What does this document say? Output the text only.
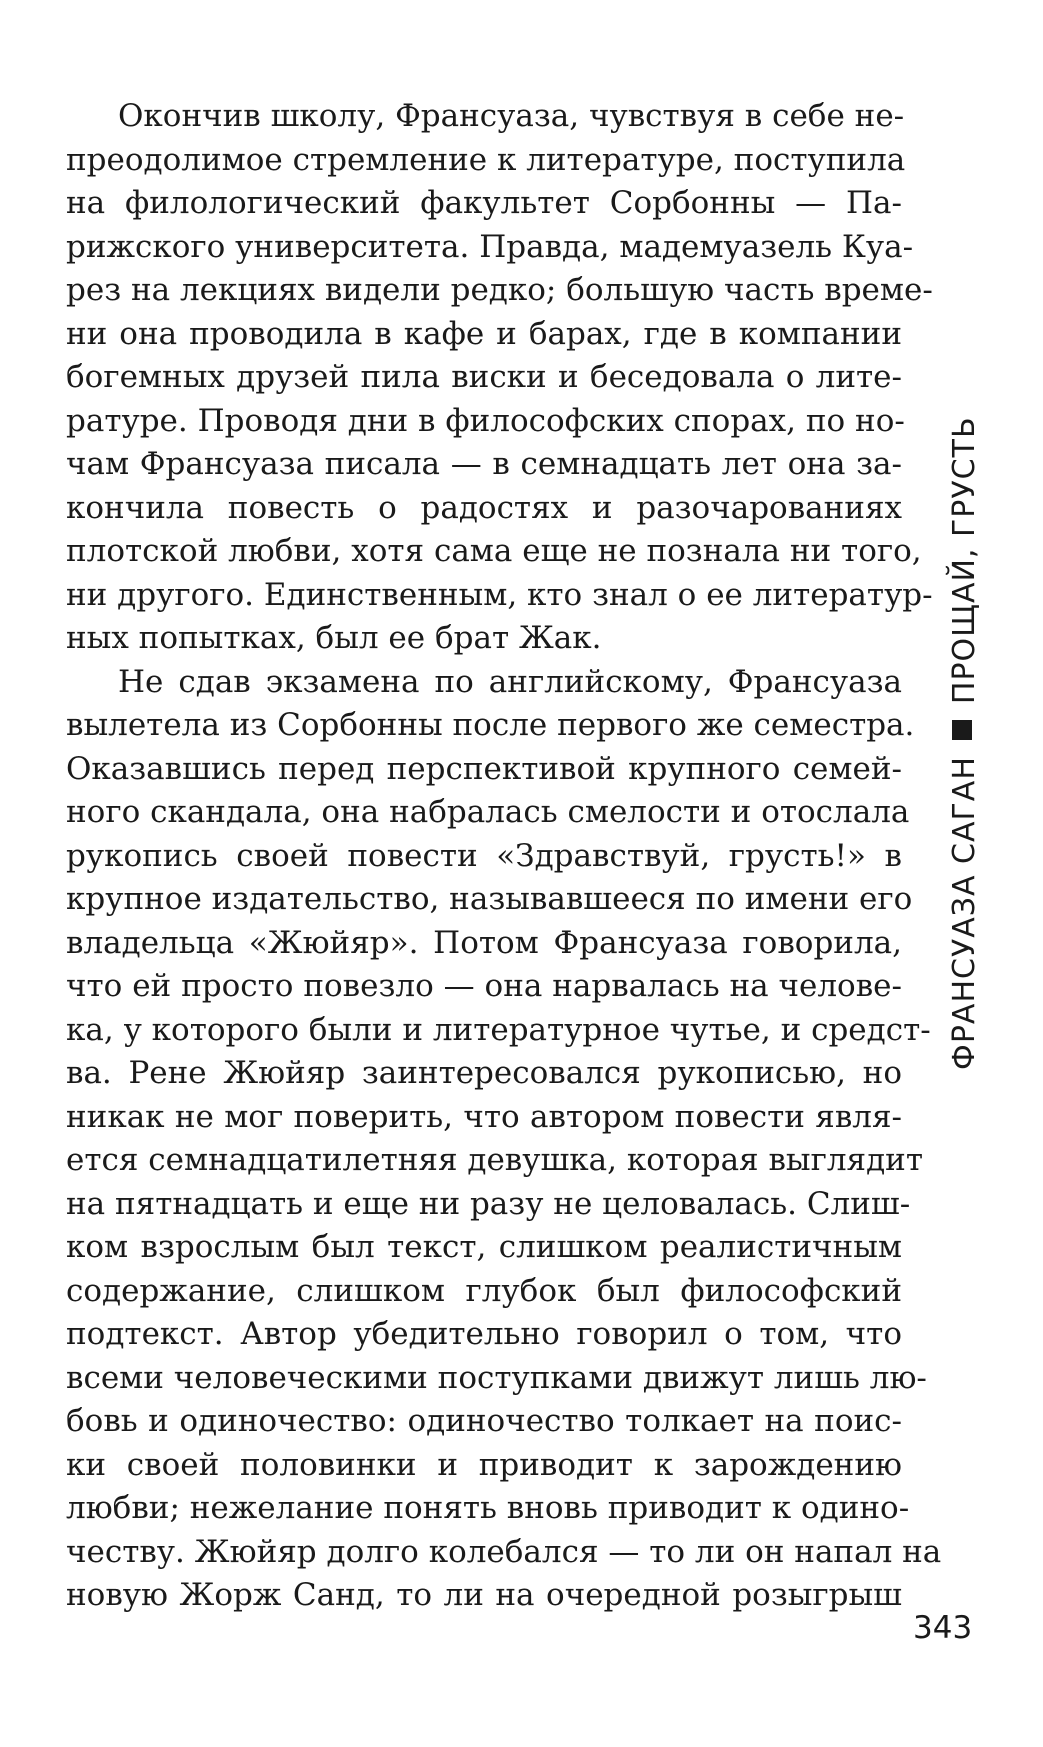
Окончив школу, Франсуаза, чувствуя в себе не-
преодолимое стремление к литературе, поступила
на филологический факультет Сорбонны — Па-
рижского университета. Правда, мадемуазель Куа-
рез на лекциях видели редко; большую часть време-
ни она проводила в кафе и барах, где в компании
богемных друзей пила виски и беседовала о лите-
ратуре. Проводя дни в философских спорах, по но-
чам Франсуаза писала — в семнадцать лет она за-
кончила повесть о радостях и разочарованиях
плотской любви, хотя сама еще не познала ни того,
ни другого. Единственным, кто знал о ее литератур-
ных попытках, был ее брат Жак.
Не сдав экзамена по английскому, Франсуаза
вылетела из Сорбонны после первого же семестра.
Оказавшись перед перспективой крупного семей-
ного скандала, она набралась смелости и отослала
рукопись своей повести «Здравствуй, грусть!» в
крупное издательство, называвшееся по имени его
владельца «Жюйяр». Потом Франсуаза говорила,
что ей просто повезло — она нарвалась на челове-
ка, у которого были и литературное чутье, и средст-
ва. Рене Жюйяр заинтересовался рукописью, но
никак не мог поверить, что автором повести явля-
ется семнадцатилетняя девушка, которая выглядит
на пятнадцать и еще ни разу не целовалась. Слиш-
ком взрослым был текст, слишком реалистичным
содержание, слишком глубок был философский
подтекст. Автор убедительно говорил о том, что
всеми человеческими поступками движут лишь лю-
бовь и одиночество: одиночество толкает на поис-
ки своей половинки и приводит к зарождению
любви; нежелание понять вновь приводит к одино-
честву. Жюйяр долго колебался — то ли он напал на
новую Жорж Санд, то ли на очередной розыгрыш
ФРАНСУАЗА САГАНПРОЩАЙ, ГРУСТЬ
343
